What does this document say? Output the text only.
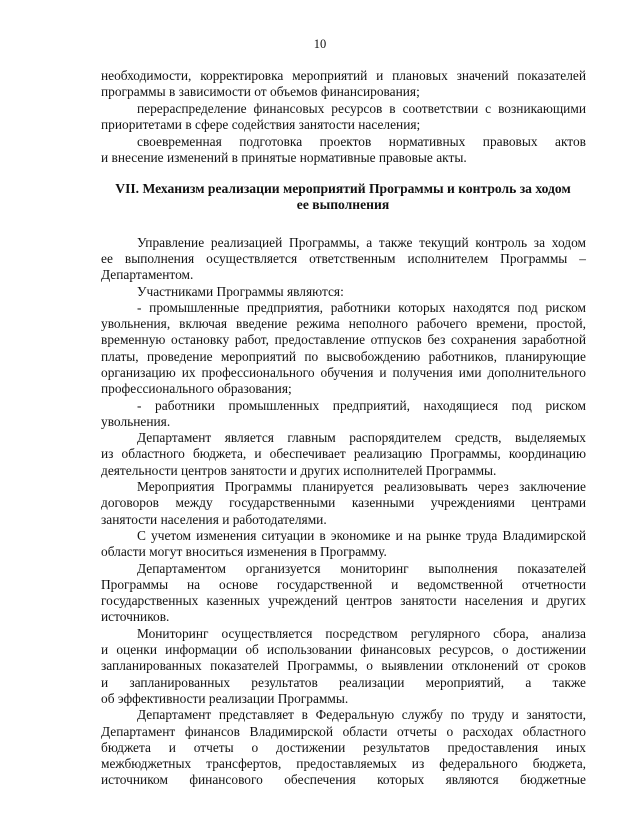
10
необходимости, корректировка мероприятий и плановых значений показателей
программы в зависимости от объемов финансирования;
перераспределение финансовых ресурсов в соответствии с возникающими
приоритетами в сфере содействия занятости населения;
своевременная подготовка проектов нормативных правовых актов
и внесение изменений в принятые нормативные правовые акты.
VII. Механизм реализации мероприятий Программы и контроль за ходом
ее выполнения
Управление реализацией Программы, а также текущий контроль за ходом
ее выполнения осуществляется ответственным исполнителем Программы –
Департаментом.
Участниками Программы являются:
- промышленные предприятия, работники которых находятся под риском
увольнения, включая введение режима неполного рабочего времени, простой,
временную остановку работ, предоставление отпусков без сохранения заработной
платы, проведение мероприятий по высвобождению работников, планирующие
организацию их профессионального обучения и получения ими дополнительного
профессионального образования;
- работники промышленных предприятий, находящиеся под риском
увольнения.
Департамент является главным распорядителем средств, выделяемых
из областного бюджета, и обеспечивает реализацию Программы, координацию
деятельности центров занятости и других исполнителей Программы.
Мероприятия Программы планируется реализовывать через заключение
договоров между государственными казенными учреждениями центрами
занятости населения и работодателями.
С учетом изменения ситуации в экономике и на рынке труда Владимирской
области могут вноситься изменения в Программу.
Департаментом организуется мониторинг выполнения показателей
Программы на основе государственной и ведомственной отчетности
государственных казенных учреждений центров занятости населения и других
источников.
Мониторинг осуществляется посредством регулярного сбора, анализа
и оценки информации об использовании финансовых ресурсов, о достижении
запланированных показателей Программы, о выявлении отклонений от сроков
и запланированных результатов реализации мероприятий, а также
об эффективности реализации Программы.
Департамент представляет в Федеральную службу по труду и занятости,
Департамент финансов Владимирской области отчеты о расходах областного
бюджета и отчеты о достижении результатов предоставления иных
межбюджетных трансфертов, предоставляемых из федерального бюджета,
источником финансового обеспечения которых являются бюджетные
